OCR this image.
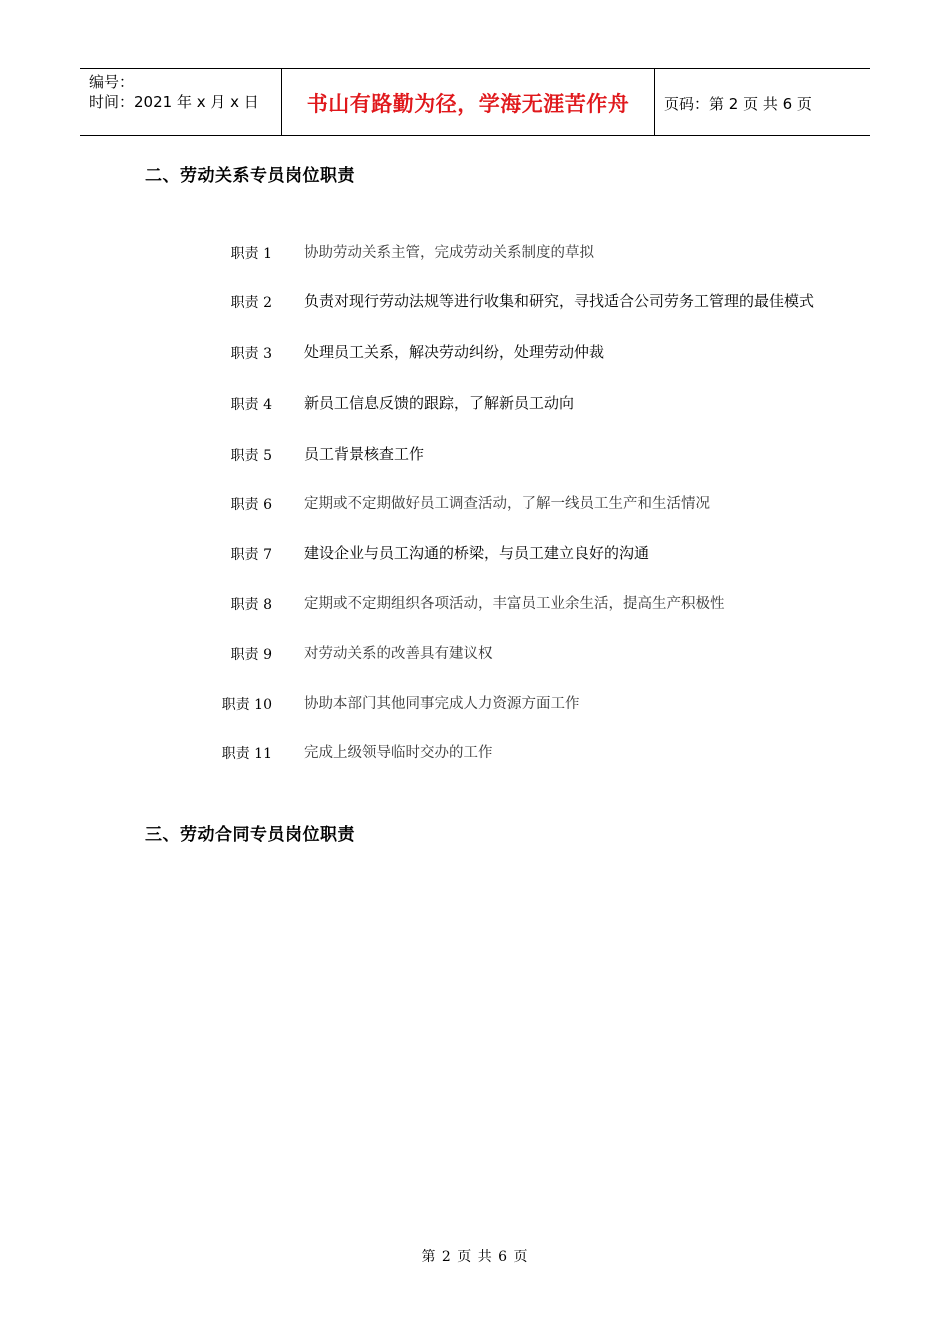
编号：
时间：2021 年 x 月 x 日	书山有路勤为径，学海无涯苦作舟	页码：第 2 页 共 6 页
二、劳动关系专员岗位职责
职责 1 协助劳动关系主管，完成劳动关系制度的草拟
职责 2 负责对现行劳动法规等进行收集和研究，寻找适合公司劳务工管理的最佳模式
职责 3 处理员工关系，解决劳动纠纷，处理劳动仲裁
职责 4 新员工信息反馈的跟踪，了解新员工动向
职责 5 员工背景核查工作
职责 6 定期或不定期做好员工调查活动，了解一线员工生产和生活情况
职责 7 建设企业与员工沟通的桥梁，与员工建立良好的沟通
职责 8 定期或不定期组织各项活动，丰富员工业余生活，提高生产积极性
职责 9 对劳动关系的改善具有建议权
职责 10 协助本部门其他同事完成人力资源方面工作
职责 11 完成上级领导临时交办的工作
三、劳动合同专员岗位职责
第 2 页 共 6 页
